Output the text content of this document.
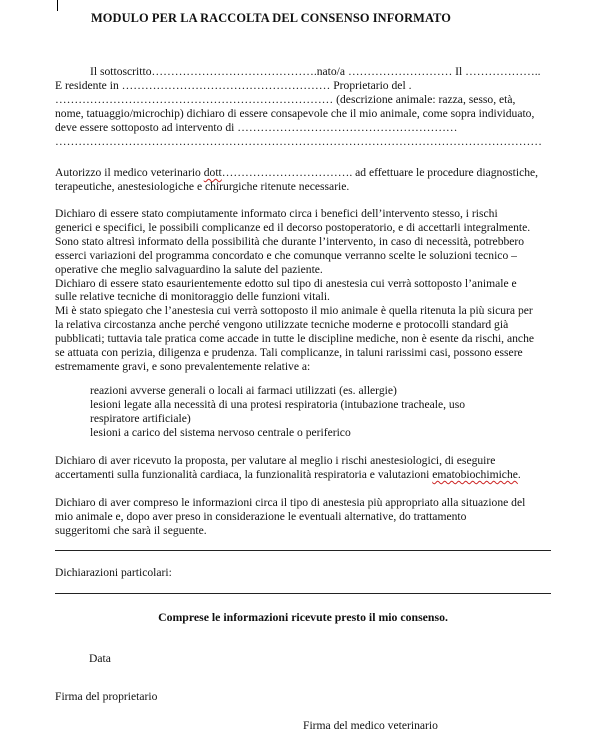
MODULO PER LA RACCOLTA DEL CONSENSO INFORMATO
Il sottoscritto…………………………………….nato/a ……………………… Il ………………..
E residente in ……………………………………………… Proprietario del .
……………………………………………………………… (descrizione animale: razza, sesso, età,
nome, tatuaggio/microchip) dichiaro di essere consapevole che il mio animale, come sopra individuato,
deve essere sottoposto ad intervento di …………………………………………………
………………………………………………………………………………………………………………
Autorizzo il medico veterinario dott……………………………. ad effettuare le procedure diagnostiche,
terapeutiche, anestesiologiche e chirurgiche ritenute necessarie.
Dichiaro di essere stato compiutamente informato circa i benefici dell’intervento stesso, i rischi
generici e specifici, le possibili complicanze ed il decorso postoperatorio, e di accettarli integralmente.
Sono stato altresì informato della possibilità che durante l’intervento, in caso di necessità, potrebbero
esserci variazioni del programma concordato e che comunque verranno scelte le soluzioni tecnico –
operative che meglio salvaguardino la salute del paziente.
Dichiaro di essere stato esaurientemente edotto sul tipo di anestesia cui verrà sottoposto l’animale e
sulle relative tecniche di monitoraggio delle funzioni vitali.
Mi è stato spiegato che l’anestesia cui verrà sottoposto il mio animale è quella ritenuta la più sicura per
la relativa circostanza anche perché vengono utilizzate tecniche moderne e protocolli standard già
pubblicati; tuttavia tale pratica come accade in tutte le discipline mediche, non è esente da rischi, anche
se attuata con perizia, diligenza e prudenza. Tali complicanze, in taluni rarissimi casi, possono essere
estremamente gravi, e sono prevalentemente relative a:
reazioni avverse generali o locali ai farmaci utilizzati (es. allergie)
lesioni legate alla necessità di una protesi respiratoria (intubazione tracheale, uso
respiratore artificiale)
lesioni a carico del sistema nervoso centrale o periferico
Dichiaro di aver ricevuto la proposta, per valutare al meglio i rischi anestesiologici, di eseguire
accertamenti sulla funzionalità cardiaca, la funzionalità respiratoria e valutazioni ematobiochimiche.
Dichiaro di aver compreso le informazioni circa il tipo di anestesia più appropriato alla situazione del
mio animale e, dopo aver preso in considerazione le eventuali alternative, do trattamento
suggeritomi che sarà il seguente.
Dichiarazioni particolari:
Comprese le informazioni ricevute presto il mio consenso.
Data
Firma del proprietario
Firma del medico veterinario
